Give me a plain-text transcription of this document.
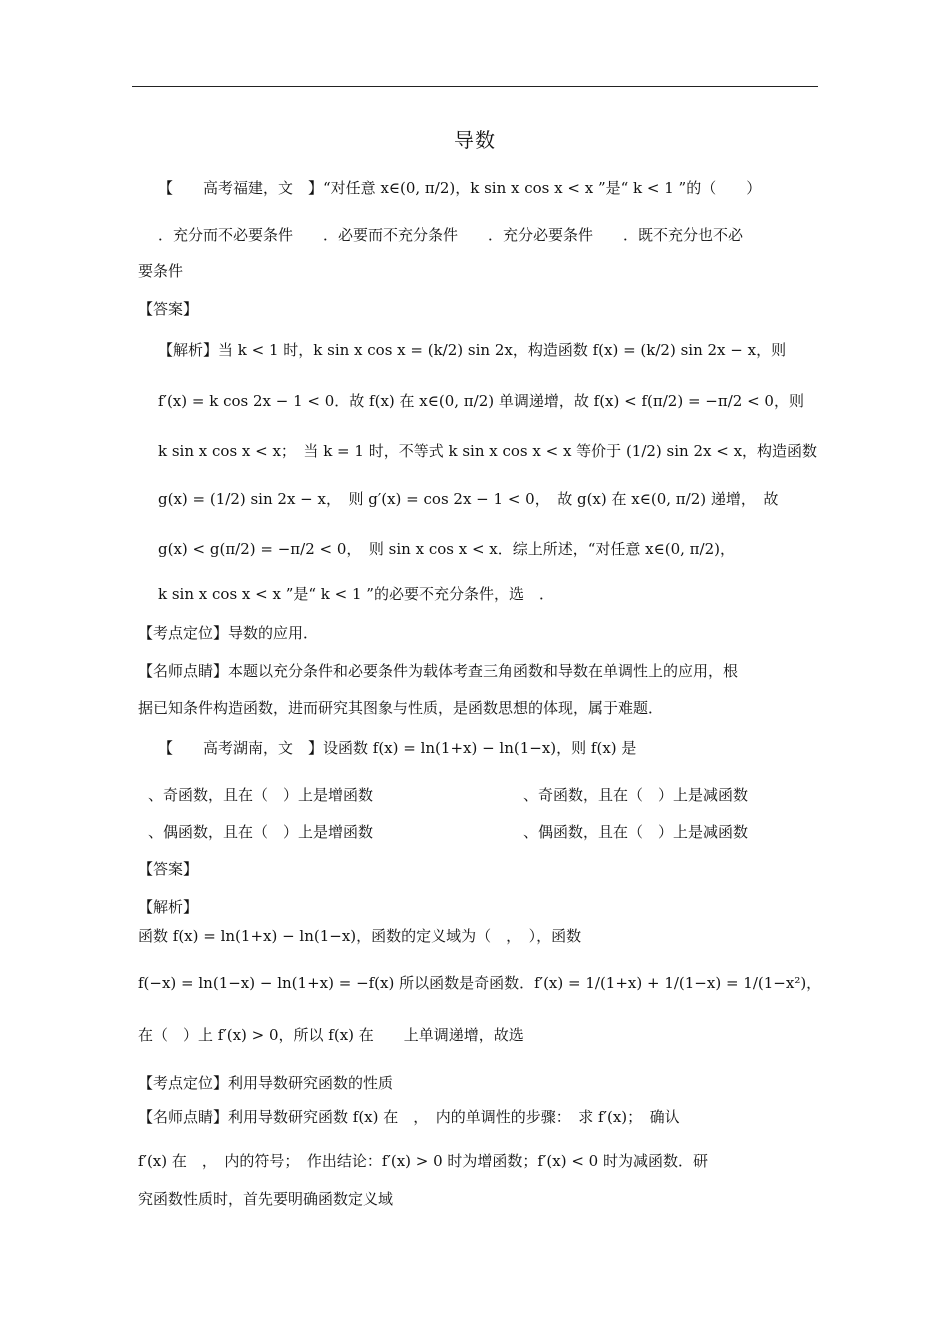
导数
【　　高考福建，文　】“对任意 x∈(0, π/2)，k sin x cos x < x ”是“ k < 1 ”的（　　）
．充分而不必要条件　　．必要而不充分条件　　．充分必要条件　　．既不充分也不必
要条件
【答案】
【解析】当 k < 1 时，k sin x cos x = (k/2) sin 2x，构造函数 f(x) = (k/2) sin 2x − x，则
f′(x) = k cos 2x − 1 < 0．故 f(x) 在 x∈(0, π/2) 单调递增，故 f(x) < f(π/2) = −π/2 < 0，则
k sin x cos x < x；　当 k = 1 时，不等式 k sin x cos x < x 等价于 (1/2) sin 2x < x，构造函数
g(x) = (1/2) sin 2x − x，　则 g′(x) = cos 2x − 1 < 0，　故 g(x) 在 x∈(0, π/2) 递增，　故
g(x) < g(π/2) = −π/2 < 0，　则 sin x cos x < x．综上所述，“对任意 x∈(0, π/2)，
k sin x cos x < x ”是“ k < 1 ”的必要不充分条件，选　．
【考点定位】导数的应用．
【名师点睛】本题以充分条件和必要条件为载体考查三角函数和导数在单调性上的应用，根
据已知条件构造函数，进而研究其图象与性质，是函数思想的体现，属于难题．
【　　高考湖南，文　】设函数 f(x) = ln(1+x) − ln(1−x)，则 f(x) 是
、奇函数，且在（　）上是增函数　　　　　　　　　　、奇函数，且在（　）上是减函数
、偶函数，且在（　）上是增函数　　　　　　　　　　、偶函数，且在（　）上是减函数
【答案】
【解析】
函数 f(x) = ln(1+x) − ln(1−x)，函数的定义域为（　，　），函数
f(−x) = ln(1−x) − ln(1+x) = −f(x) 所以函数是奇函数．f′(x) = 1/(1+x) + 1/(1−x) = 1/(1−x²)，
在（　）上 f′(x) > 0，所以 f(x) 在　　上单调递增，故选
【考点定位】利用导数研究函数的性质
【名师点睛】利用导数研究函数 f(x) 在　，　内的单调性的步骤：　求 f′(x)；　确认
f′(x) 在　，　内的符号；　作出结论：f′(x) > 0 时为增函数；f′(x) < 0 时为减函数．研
究函数性质时，首先要明确函数定义域
